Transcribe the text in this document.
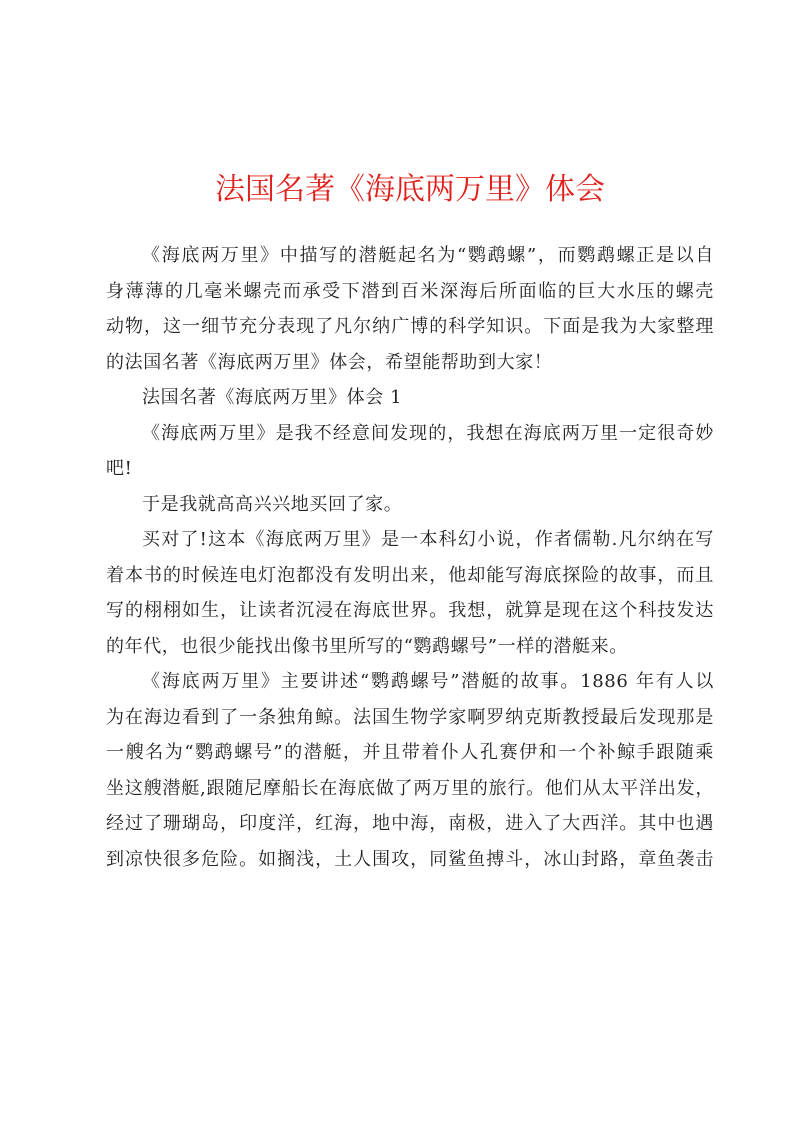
法国名著《海底两万里》体会

《海底两万里》中描写的潜艇起名为“鹦鹉螺”，而鹦鹉螺正是以自
身薄薄的几毫米螺壳而承受下潜到百米深海后所面临的巨大水压的螺壳
动物，这一细节充分表现了凡尔纳广博的科学知识。下面是我为大家整理
的法国名著《海底两万里》体会，希望能帮助到大家！

法国名著《海底两万里》体会 1

《海底两万里》是我不经意间发现的，我想在海底两万里一定很奇妙
吧!

于是我就高高兴兴地买回了家。

买对了!这本《海底两万里》是一本科幻小说，作者儒勒.凡尔纳在写
着本书的时候连电灯泡都没有发明出来，他却能写海底探险的故事，而且
写的栩栩如生，让读者沉浸在海底世界。我想，就算是现在这个科技发达
的年代，也很少能找出像书里所写的“鹦鹉螺号”一样的潜艇来。

《海底两万里》主要讲述“鹦鹉螺号”潜艇的故事。1886 年有人以
为在海边看到了一条独角鲸。法国生物学家啊罗纳克斯教授最后发现那是
一艘名为“鹦鹉螺号”的潜艇，并且带着仆人孔赛伊和一个补鲸手跟随乘
坐这艘潜艇,跟随尼摩船长在海底做了两万里的旅行。他们从太平洋出发，
经过了珊瑚岛，印度洋，红海，地中海，南极，进入了大西洋。其中也遇
到凉快很多危险。如搁浅，土人围攻，同鲨鱼搏斗，冰山封路，章鱼袭击
